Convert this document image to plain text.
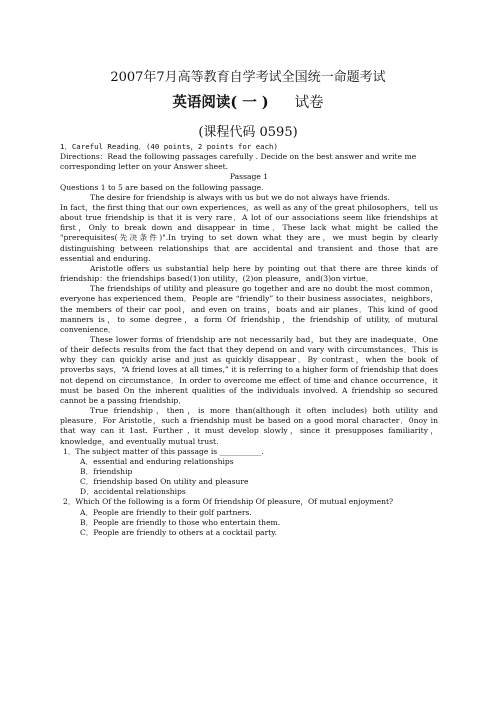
2007年7月高等教育自学考试全国统一命题考试
英语阅读( 一 ) 试卷
(课程代码 0595)

1．Careful Reading．(40 points，2 points for each)

Directions：Read the following passages carefully . Decide on the best answer and write me

corresponding letter on your Answer sheet.

Passage 1

Questions 1 to 5 are based on the following passage.

The desire for friendship is always with us but we do not always have friends.

In fact，the first thing that our own experiences，as well as any of the great philosophers，tell us about true friendship is that it is very rare．A lot of our associations seem like friendships at first，Only to break down and disappear in time．These lack what might be called the "prerequisites(先决条件)".In trying to set down what they are，we must begin by clearly distinguishing between relationships that are accidental and transient and those that are essential and enduring.

Aristotle offers us substantial help here by pointing out that there are three kinds of friendship：the friendships based(1)on utility，(2)on pleasure，and(3)on virtue．

The friendships of utility and pleasure go together and are no doubt the most common，everyone has experienced them．People are “friendly” to their business associates，neighbors，the members of their car pool，and even on trains，boats and air planes．This kind of good manners is，to some degree，a form Of friendship，the friendship of utility, of mutural convenience．

These lower forms of friendship are not necessarily bad，but they are inadequate．One of their defects results from the fact that they depend on and vary with circumstances．This is why they can quickly arise and just as quickly disappear．By contrast，when the book of proverbs says，“A friend loves at all times,” it is referring to a higher form of friendship that does not depend on circumstance．In order to overcome me effect of time and chance occurrence，it must be based On the inherent qualities of the individuals involved. A friendship so secured cannot be a passing friendship．

True friendship，then，is more than(although it often includes) both utility and pleasure．For Aristotle，such a friendship must be based on a good moral character．0noy in that way can it 1ast. Further , it must develop slowly，since it presupposes familiarity，knowledge，and eventually mutual trust.

1．The subject matter of this passage is ___________.

A．essential and enduring relationships

B．friendship

C．friendship based On utility and pleasure

D．accidental relationships

2．Which Of the following is a form Of friendship Of pleasure，Of mutual enjoyment?

A．People are friendly to their golf partners.

B．People are friendly to those who entertain them.

C．People are friendly to others at a cocktail party.
